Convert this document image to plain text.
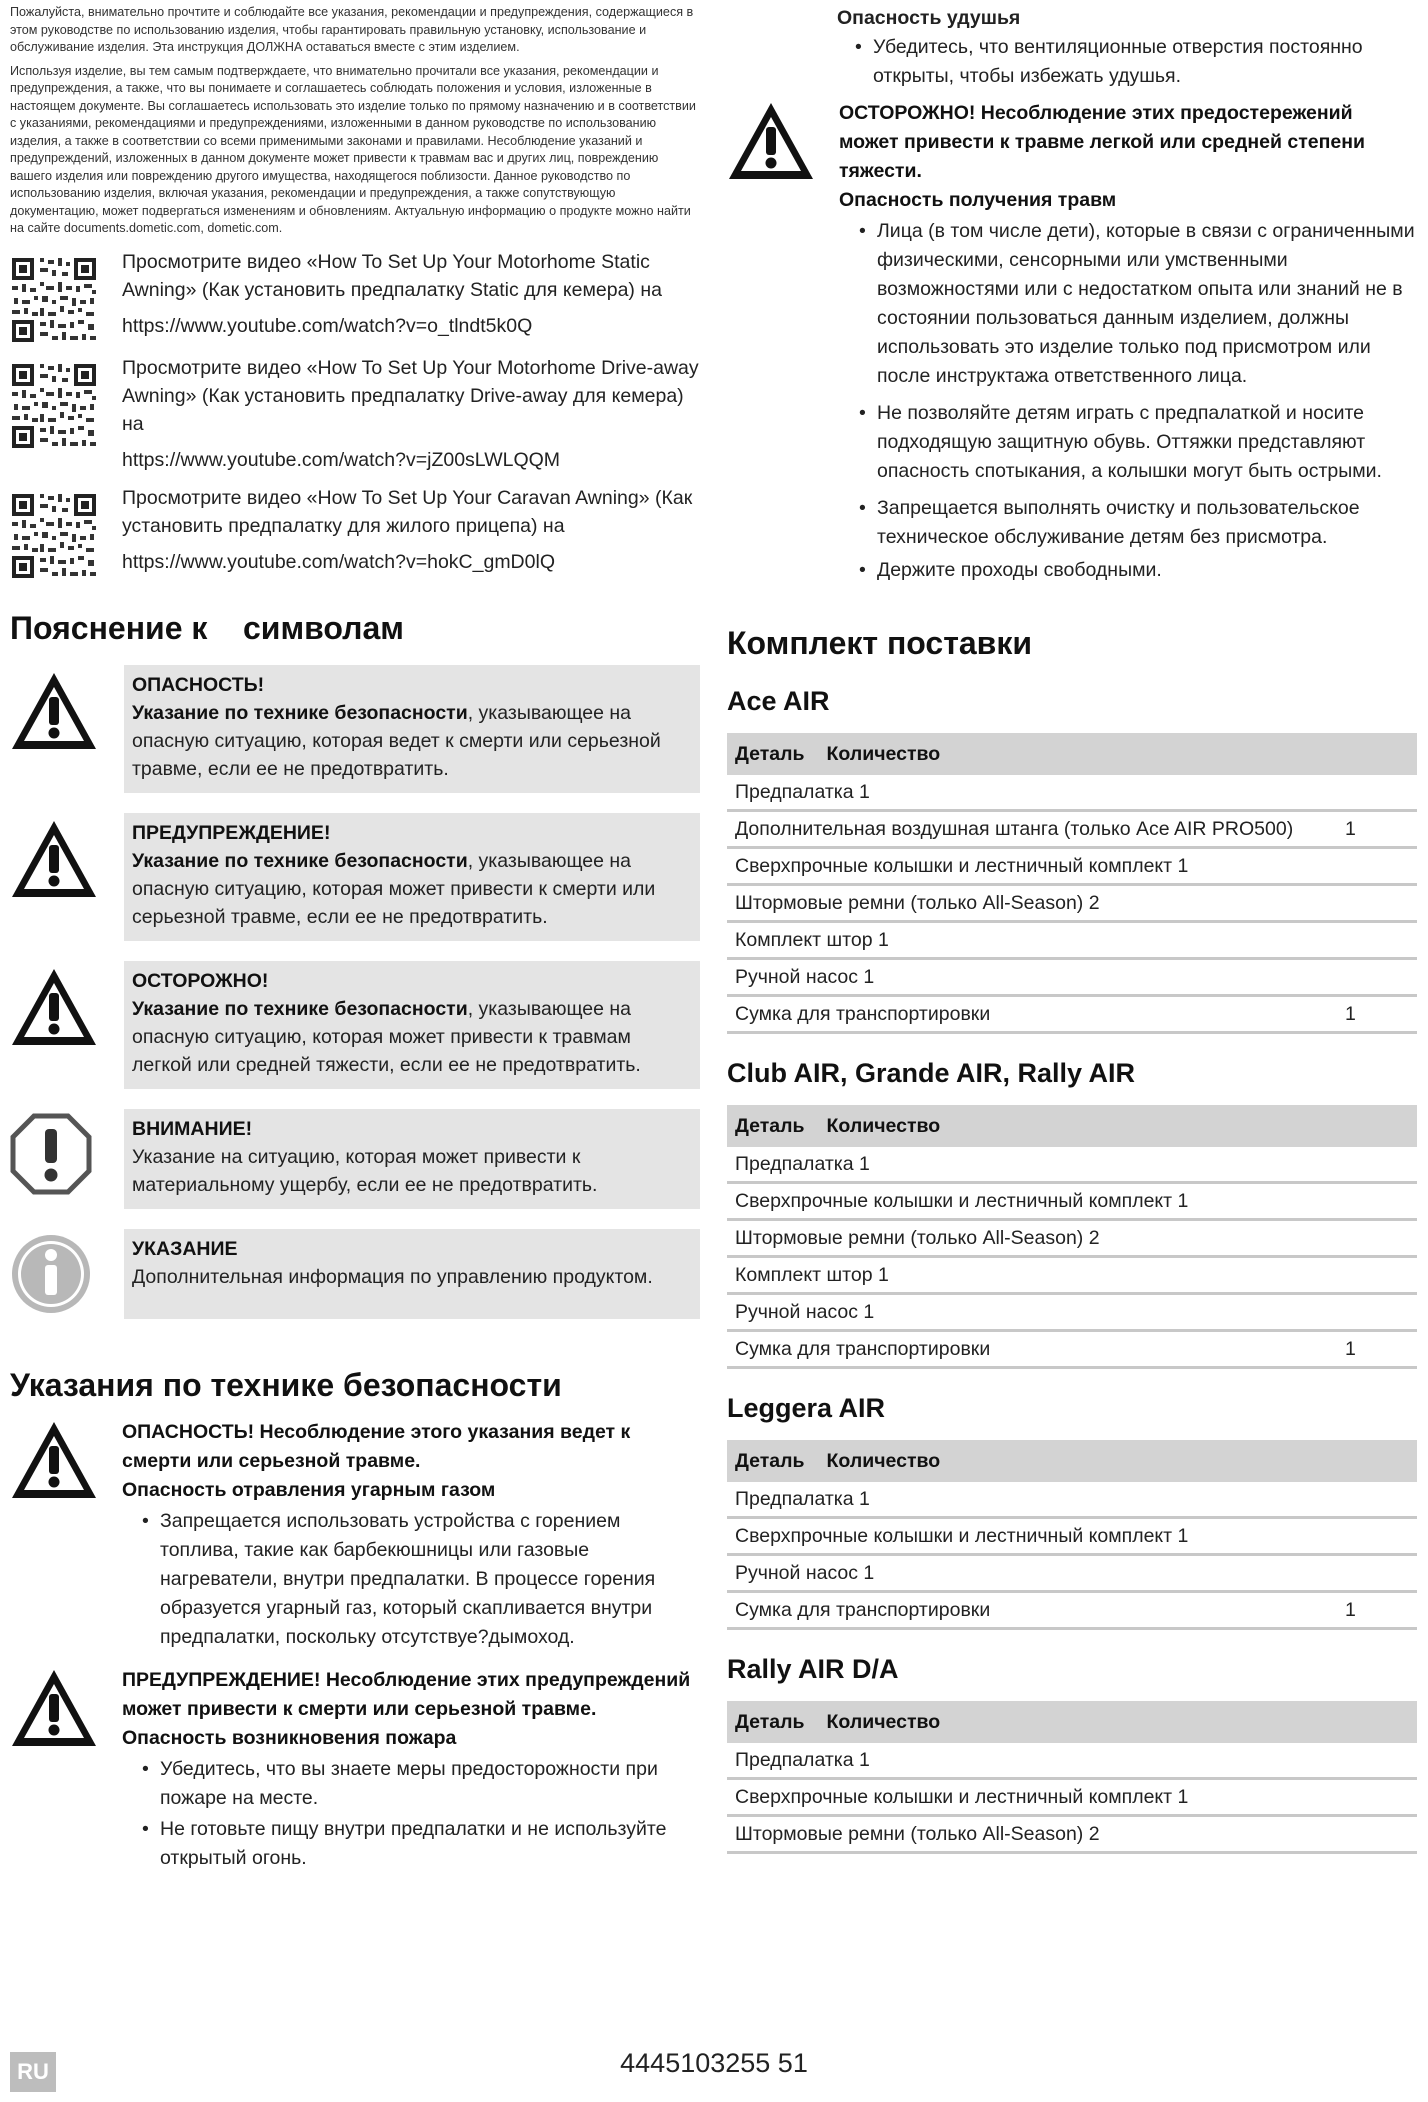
Пожалуйста, внимательно прочтите и соблюдайте все указания, рекомендации и предупреждения, содержащиеся в этом руководстве по использованию изделия, чтобы гарантировать правильную установку, использование и обслуживание изделия. Эта инструкция ДОЛЖНА оставаться вместе с этим изделием.

Используя изделие, вы тем самым подтверждаете, что внимательно прочитали все указания, рекомендации и предупреждения, а также, что вы понимаете и соглашаетесь соблюдать положения и условия, изложенные в настоящем документе. Вы соглашаетесь использовать это изделие только по прямому назначению и в соответствии с указаниями, рекомендациями и предупреждениями, изложенными в данном руководстве по использованию изделия, а также в соответствии со всеми применимыми законами и правилами. Несоблюдение указаний и предупреждений, изложенных в данном документе может привести к травмам вас и других лиц, повреждению вашего изделия или повреждению другого имущества, находящегося поблизости. Данное руководство по использованию изделия, включая указания, рекомендации и предупреждения, а также сопутствующую документацию, может подвергаться изменениям и обновлениям. Актуальную информацию о продукте можно найти на сайте documents.dometic.com, dometic.com.

Просмотрите видео «How To Set Up Your Motorhome Static Awning» (Как установить предпалатку Static для кемера) на
https://www.youtube.com/watch?v=o_tlndt5k0Q
Просмотрите видео «How To Set Up Your Motorhome Drive-away Awning» (Как установить предпалатку Drive-away для кемера) на
https://www.youtube.com/watch?v=jZ00sLWLQQM
Просмотрите видео «How To Set Up Your Caravan Awning» (Как установить предпалатку для жилого прицепа) на
https://www.youtube.com/watch?v=hokC_gmD0lQ
Пояснение к    символам
ОПАСНОСТЬ!
Указание по технике безопасности, указывающее на опасную ситуацию, которая ведет к смерти или серьезной травме, если ее не предотвратить.
ПРЕДУПРЕЖДЕНИЕ!
Указание по технике безопасности, указывающее на опасную ситуацию, которая может привести к смерти или серьезной травме, если ее не предотвратить.
ОСТОРОЖНО!
Указание по технике безопасности, указывающее на опасную ситуацию, которая может привести к травмам легкой или средней тяжести, если ее не предотвратить.
ВНИМАНИЕ!
Указание на ситуацию, которая может привести к материальному ущербу, если ее не предотвратить.
УКАЗАНИЕ
Дополнительная информация по управлению продуктом.
Указания по технике безопасности
ОПАСНОСТЬ! Несоблюдение этого указания ведет к смерти или серьезной травме.
Опасность отравления угарным газом
• Запрещается использовать устройства с горением топлива, такие как барбекюшницы или газовые нагреватели, внутри предпалатки. В процессе горения образуется угарный газ, который скапливается внутри предпалатки, поскольку отсутствуе?дымоход.
ПРЕДУПРЕЖДЕНИЕ! Несоблюдение этих предупреждений может привести к смерти или серьезной травме.
Опасность возникновения пожара
• Убедитесь, что вы знаете меры предосторожности при пожаре на месте.
• Не готовьте пищу внутри предпалатки и не используйте открытый огонь.
Опасность удушья
• Убедитесь, что вентиляционные отверстия постоянно открыты, чтобы избежать удушья.
ОСТОРОЖНО! Несоблюдение этих предостережений может привести к травме легкой или средней степени тяжести.
Опасность получения травм
• Лица (в том числе дети), которые в связи с ограниченными физическими, сенсорными или умственными возможностями или с недостатком опыта или знаний не в состоянии пользоваться данным изделием, должны использовать это изделие только под присмотром или после инструктажа ответственного лица.
• Не позволяйте детям играть с предпалаткой и носите подходящую защитную обувь. Оттяжки представляют опасность спотыкания, а колышки могут быть острыми.
• Запрещается выполнять очистку и пользовательское техническое обслуживание детям без присмотра.
• Держите проходы свободными.
Комплект поставки
Ace AIR
Деталь Количество	
Предпалатка 1	
Дополнительная воздушная штанга (только Ace AIR PRO500)	1
Сверхпрочные колышки и лестничный комплект 1	
Штормовые ремни (только All-Season) 2	
Комплект штор 1	
Ручной насос 1	
Сумка для транспортировки	1
Club AIR, Grande AIR, Rally AIR
Деталь Количество	
Предпалатка 1	
Сверхпрочные колышки и лестничный комплект 1	
Штормовые ремни (только All-Season) 2	
Комплект штор 1	
Ручной насос 1	
Сумка для транспортировки	1
Leggera AIR
Деталь Количество	
Предпалатка 1	
Сверхпрочные колышки и лестничный комплект 1	
Ручной насос 1	
Сумка для транспортировки	1
Rally AIR D/A
Деталь Количество	
Предпалатка 1	
Сверхпрочные колышки и лестничный комплект 1	
Штормовые ремни (только All-Season) 2	
RU	4445103255 51
